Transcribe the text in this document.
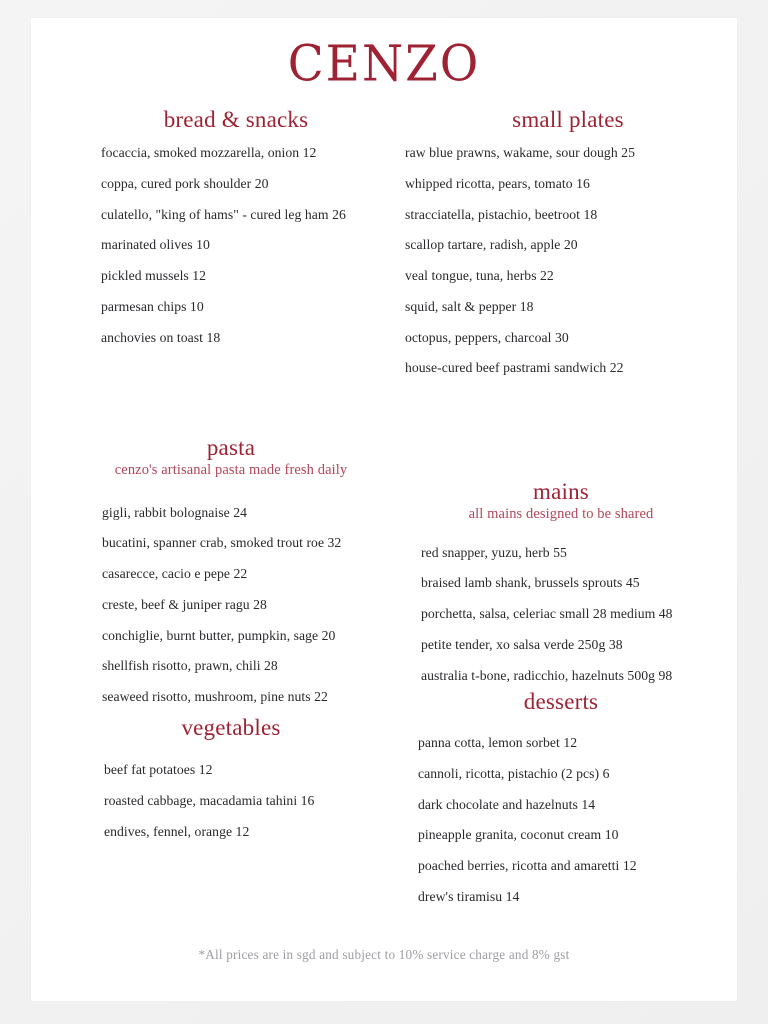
CENZO
bread & snacks
focaccia, smoked mozzarella, onion 12
coppa, cured pork shoulder 20
culatello, "king of hams" - cured leg ham 26
marinated olives 10
pickled mussels 12
parmesan chips 10
anchovies on toast 18
small plates
raw blue prawns, wakame, sour dough 25
whipped ricotta, pears, tomato 16
stracciatella, pistachio, beetroot 18
scallop tartare, radish, apple 20
veal tongue, tuna, herbs 22
squid, salt & pepper 18
octopus, peppers, charcoal 30
house-cured beef pastrami sandwich 22
pasta
cenzo's artisanal pasta made fresh daily
gigli, rabbit bolognaise 24
bucatini, spanner crab, smoked trout roe 32
casarecce, cacio e pepe 22
creste, beef & juniper ragu 28
conchiglie, burnt butter, pumpkin, sage 20
shellfish risotto, prawn, chili 28
seaweed risotto, mushroom, pine nuts 22
mains
all mains designed to be shared
red snapper, yuzu, herb 55
braised lamb shank, brussels sprouts 45
porchetta, salsa, celeriac small 28 medium 48
petite tender, xo salsa verde 250g 38
australia t-bone, radicchio, hazelnuts 500g 98
vegetables
beef fat potatoes 12
roasted cabbage, macadamia tahini 16
endives, fennel, orange 12
desserts
panna cotta, lemon sorbet 12
cannoli, ricotta, pistachio (2 pcs) 6
dark chocolate and hazelnuts 14
pineapple granita, coconut cream 10
poached berries, ricotta and amaretti 12
drew's tiramisu 14
*All prices are in sgd and subject to 10% service charge and 8% gst
